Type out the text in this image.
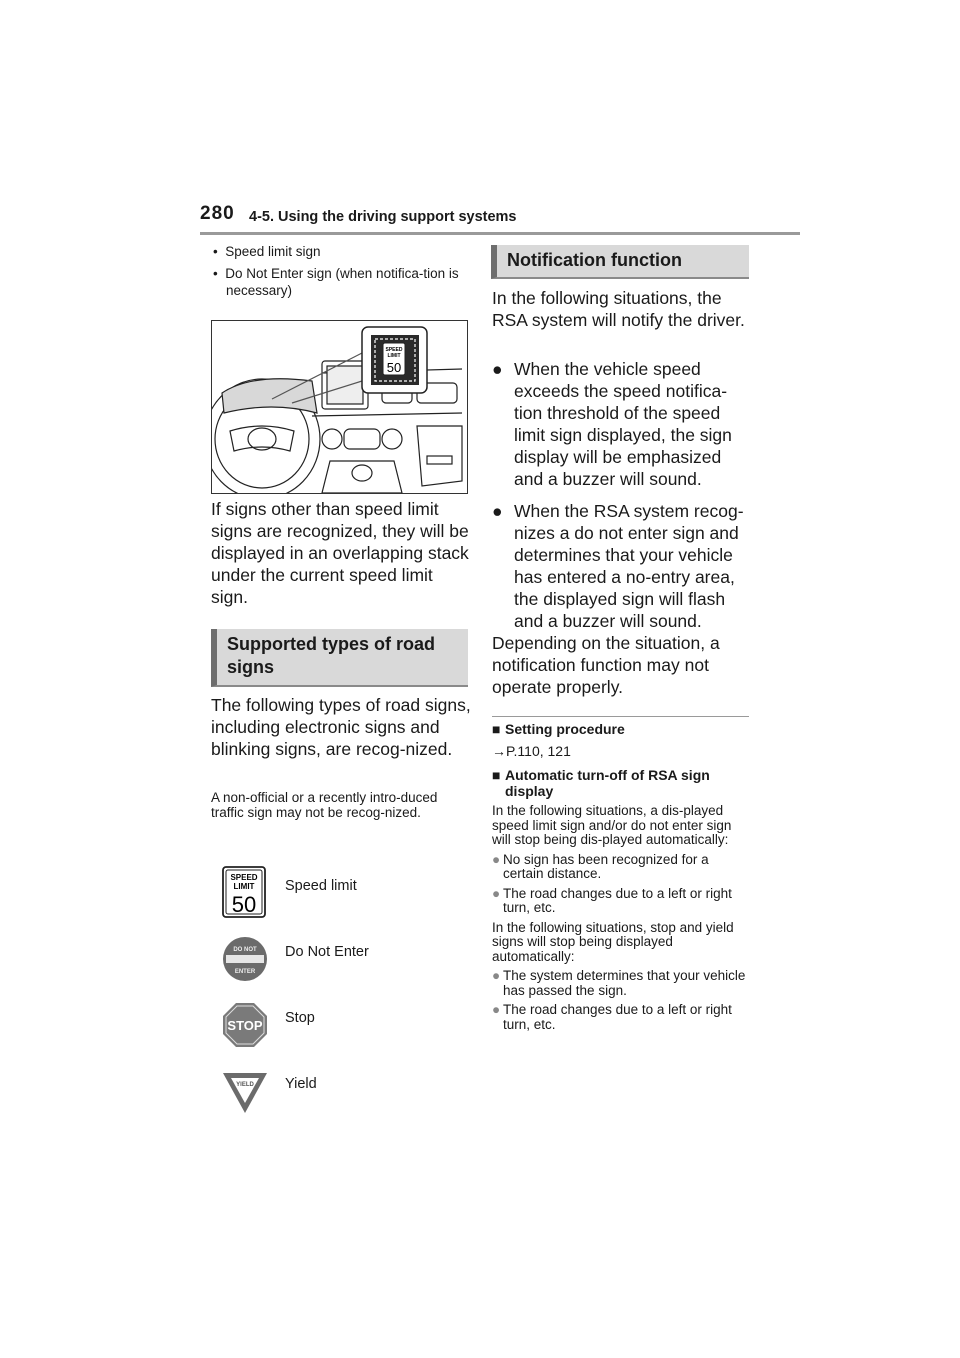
280 4-5. Using the driving support systems
•  Speed limit sign
•  Do Not Enter sign (when notifica-tion is necessary)
SPEED
LIMIT
50
If signs other than speed limit signs are recognized, they will be displayed in an overlapping stack under the current speed limit sign.
Supported types of road signs
The following types of road signs, including electronic signs and blinking signs, are recog-nized.
A non-official or a recently intro-duced traffic sign may not be recog-nized.
SPEED
LIMIT
50
Speed limit
DO NOT
ENTER
Do Not Enter
STOP Stop
YIELD Yield
Notification function
In the following situations, the RSA system will notify the driver.
● When the vehicle speed exceeds the speed notifica-tion threshold of the speed limit sign displayed, the sign display will be emphasized and a buzzer will sound.
● When the RSA system recog-nizes a do not enter sign and determines that your vehicle has entered a no-entry area, the displayed sign will flash and a buzzer will sound.
Depending on the situation, a notification function may not operate properly.
■ Setting procedure
→P.110, 121
■ Automatic turn-off of RSA sign display
In the following situations, a dis-played speed limit sign and/or do not enter sign will stop being dis-played automatically:
● No sign has been recognized for a certain distance.
● The road changes due to a left or right turn, etc.
In the following situations, stop and yield signs will stop being displayed automatically:
● The system determines that your vehicle has passed the sign.
● The road changes due to a left or right turn, etc.
